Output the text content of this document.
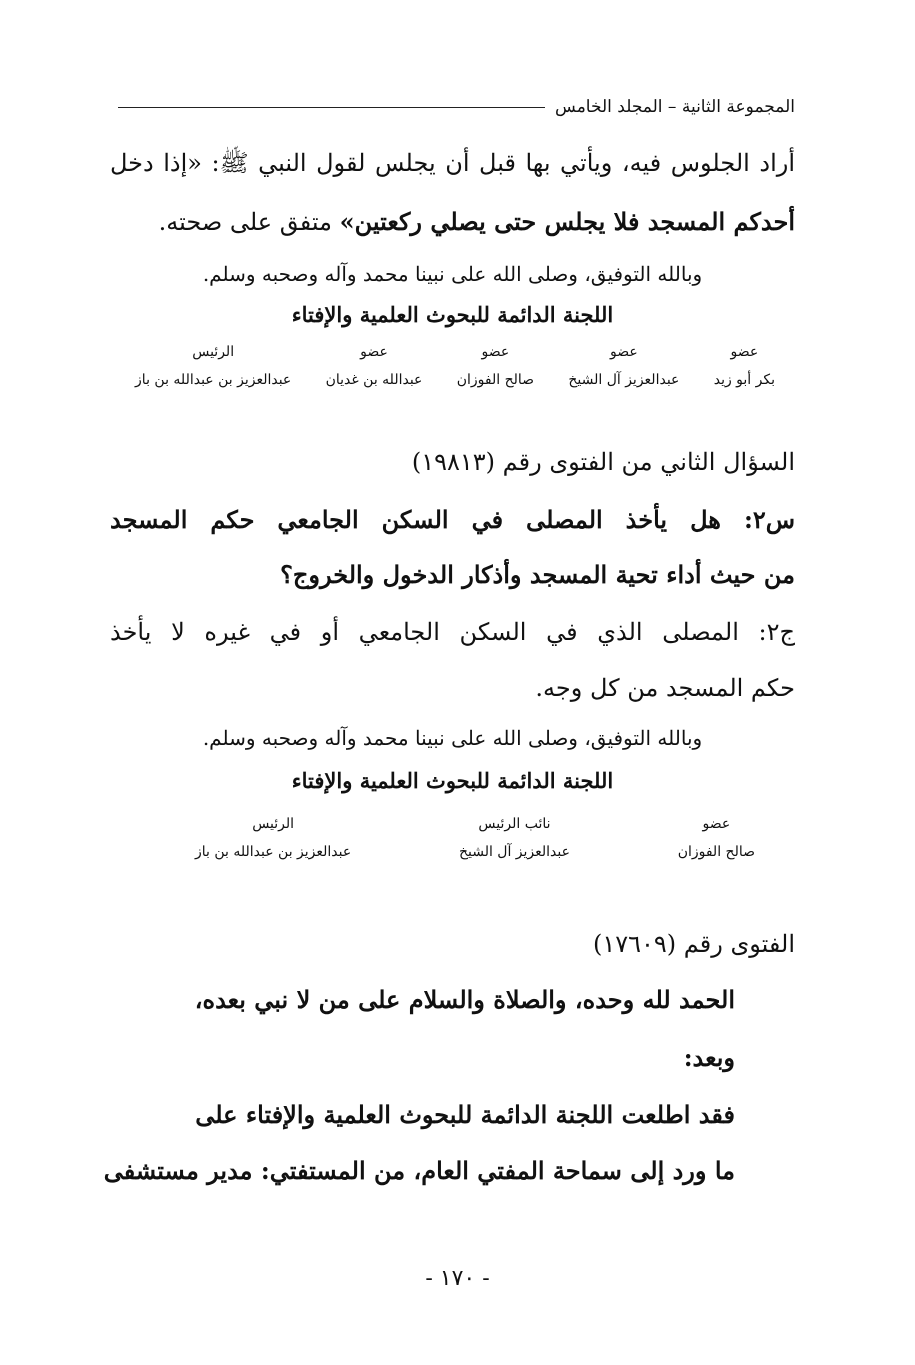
المجموعة الثانية – المجلد الخامس
أراد الجلوس فيه، ويأتي بها قبل أن يجلس لقول النبي ﷺ: «إذا دخل
أحدكم المسجد فلا يجلس حتى يصلي ركعتين» متفق على صحته.
وبالله التوفيق، وصلى الله على نبينا محمد وآله وصحبه وسلم.
اللجنة الدائمة للبحوث العلمية والإفتاء
عضو
بكر أبو زيد
عضو
عبدالعزيز آل الشيخ
عضو
صالح الفوزان
عضو
عبدالله بن غديان
الرئيس
عبدالعزيز بن عبدالله بن باز
السؤال الثاني من الفتوى رقم (١٩٨١٣)
س٢: هل يأخذ المصلى في السكن الجامعي حكم المسجد
من حيث أداء تحية المسجد وأذكار الدخول والخروج؟
ج٢: المصلى الذي في السكن الجامعي أو في غيره لا يأخذ
حكم المسجد من كل وجه.
وبالله التوفيق، وصلى الله على نبينا محمد وآله وصحبه وسلم.
اللجنة الدائمة للبحوث العلمية والإفتاء
عضو
صالح الفوزان
نائب الرئيس
عبدالعزيز آل الشيخ
الرئيس
عبدالعزيز بن عبدالله بن باز
الفتوى رقم (١٧٦٠٩)
الحمد لله وحده، والصلاة والسلام على من لا نبي بعده،
وبعد:
فقد اطلعت اللجنة الدائمة للبحوث العلمية والإفتاء على
ما ورد إلى سماحة المفتي العام، من المستفتي: مدير مستشفى
- ١٧٠ -
